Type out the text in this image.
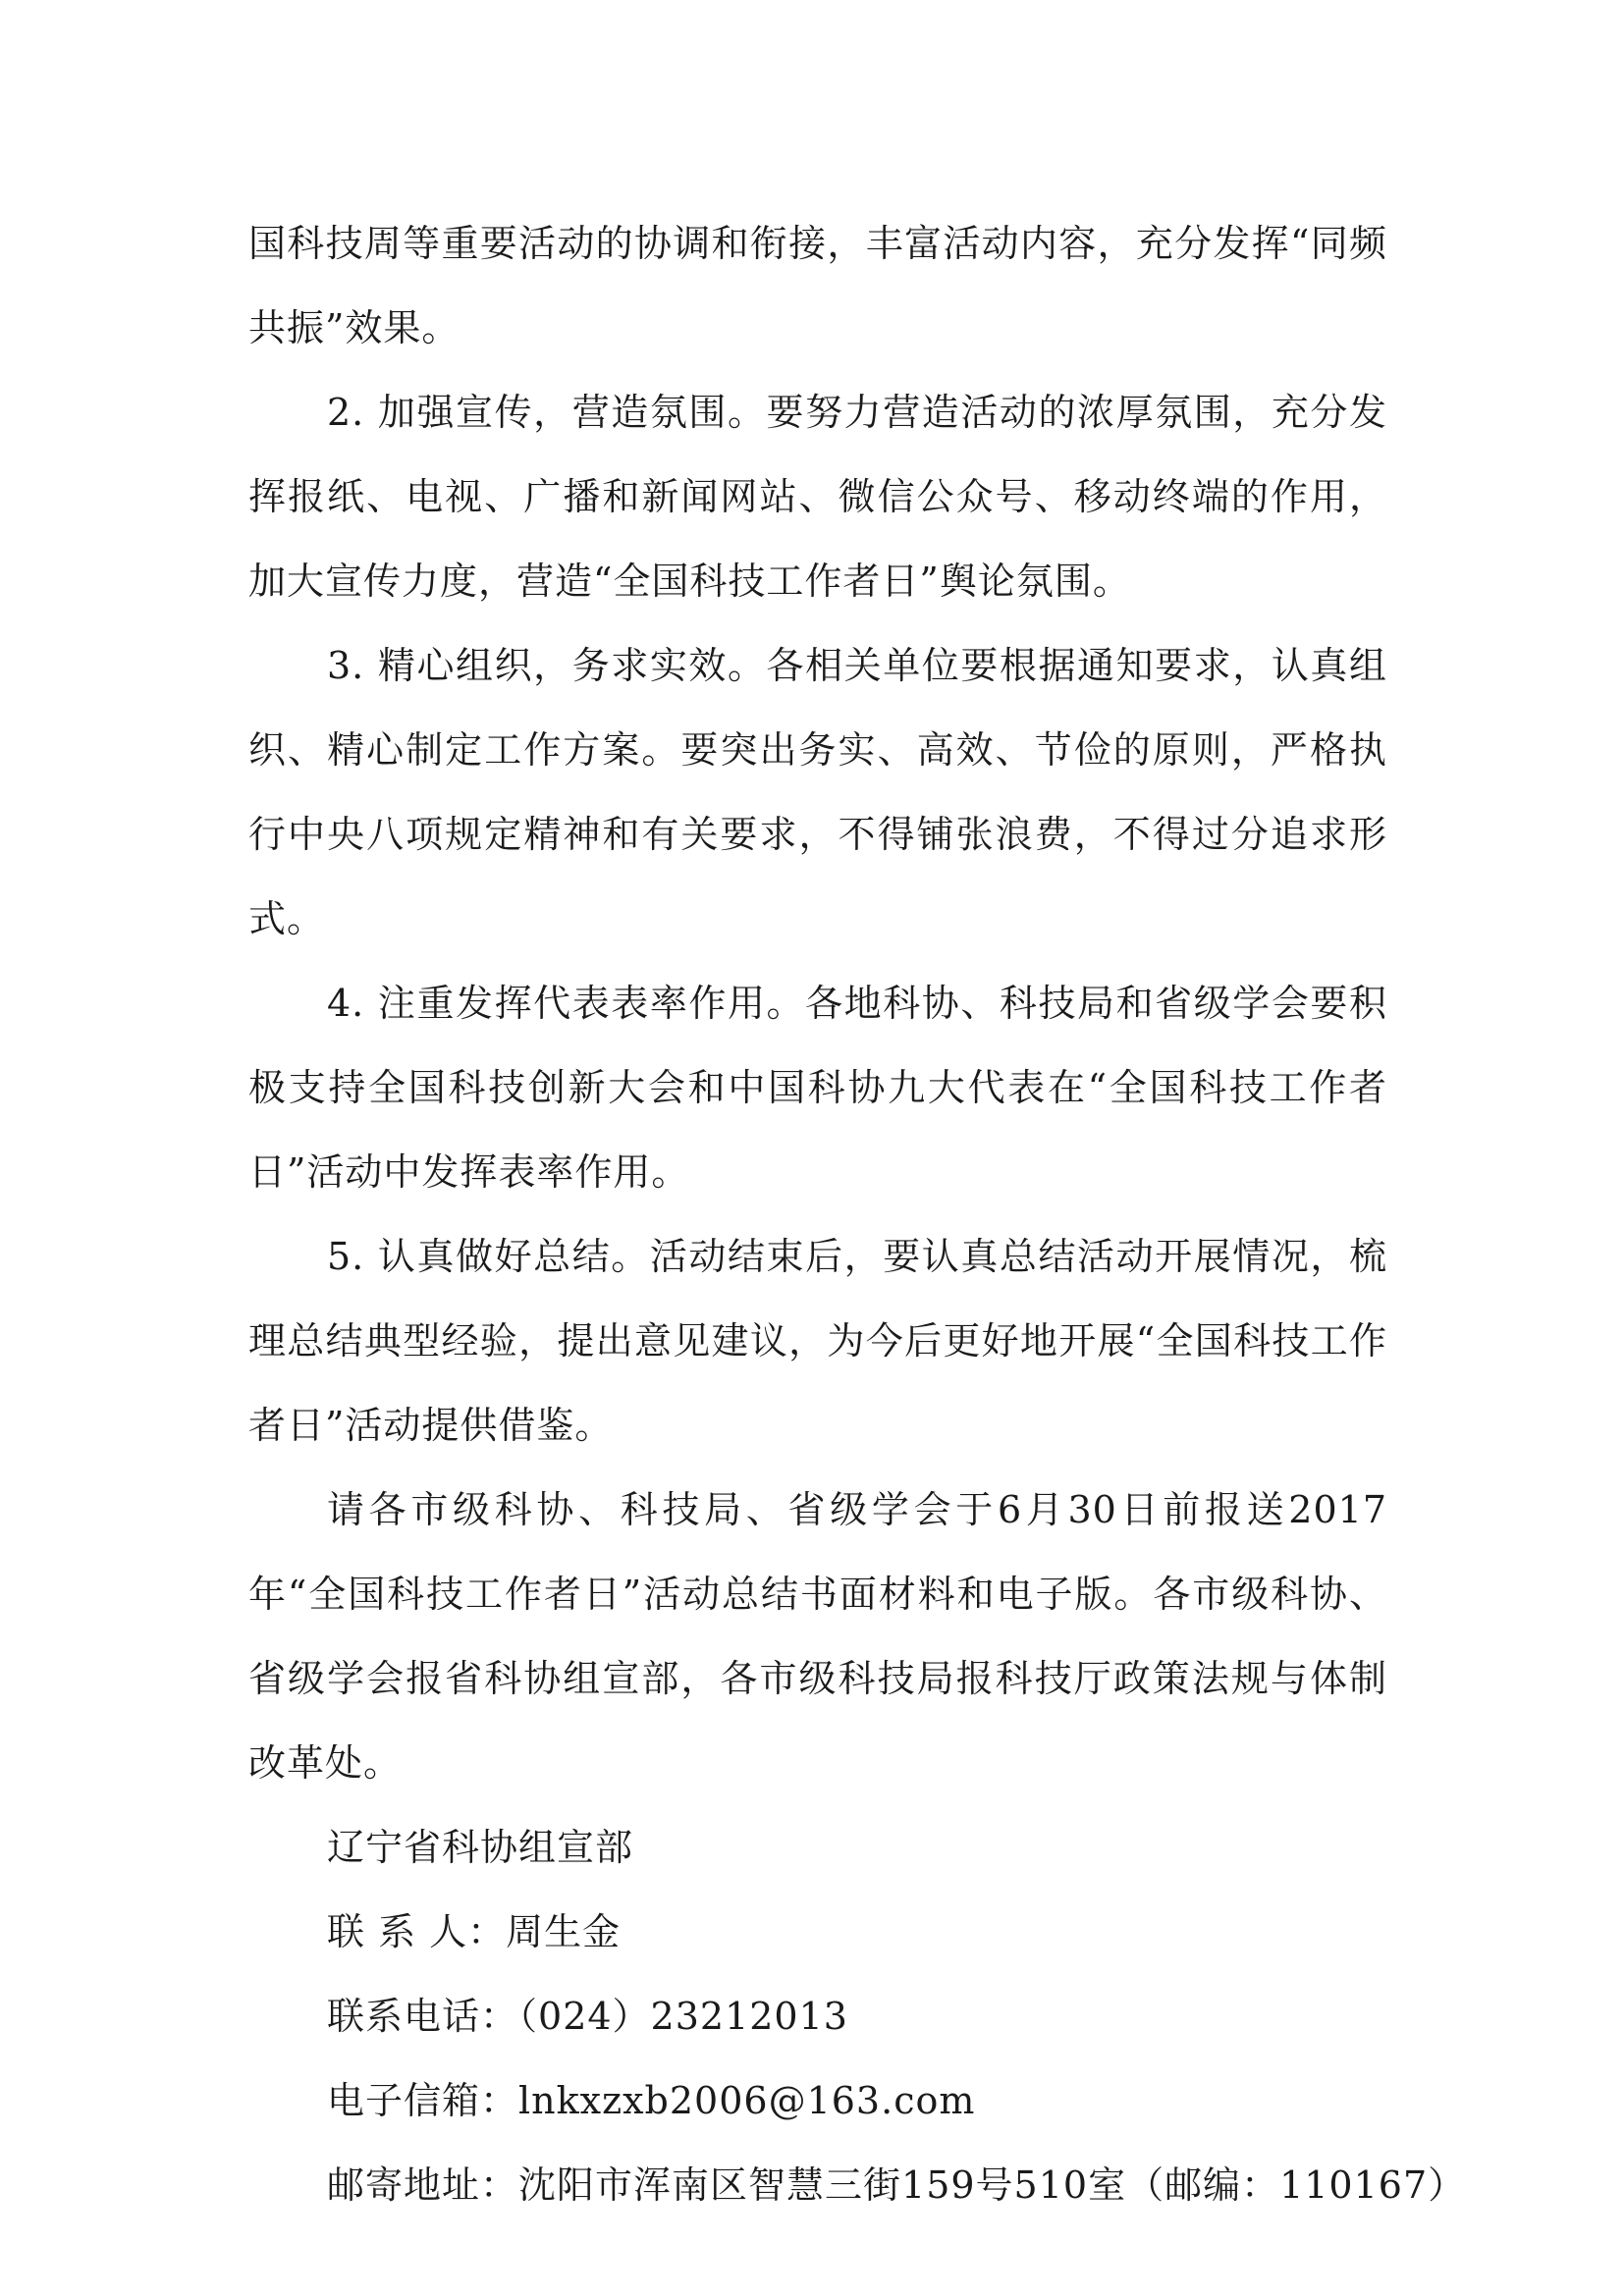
国科技周等重要活动的协调和衔接，丰富活动内容，充分发挥“同频共振”效果。

2. 加强宣传，营造氛围。要努力营造活动的浓厚氛围，充分发挥报纸、电视、广播和新闻网站、微信公众号、移动终端的作用，加大宣传力度，营造“全国科技工作者日”舆论氛围。

3. 精心组织，务求实效。各相关单位要根据通知要求，认真组织、精心制定工作方案。要突出务实、高效、节俭的原则，严格执行中央八项规定精神和有关要求，不得铺张浪费，不得过分追求形式。

4. 注重发挥代表表率作用。各地科协、科技局和省级学会要积极支持全国科技创新大会和中国科协九大代表在“全国科技工作者日”活动中发挥表率作用。

5. 认真做好总结。活动结束后，要认真总结活动开展情况，梳理总结典型经验，提出意见建议，为今后更好地开展“全国科技工作者日”活动提供借鉴。

请各市级科协、科技局、省级学会于6月30日前报送2017年“全国科技工作者日”活动总结书面材料和电子版。各市级科协、省级学会报省科协组宣部，各市级科技局报科技厅政策法规与体制改革处。

辽宁省科协组宣部

联 系 人：周生金

联系电话：（024）23212013

电子信箱：lnkxzxb2006@163.com

邮寄地址：沈阳市浑南区智慧三街159号510室（邮编：110167）
